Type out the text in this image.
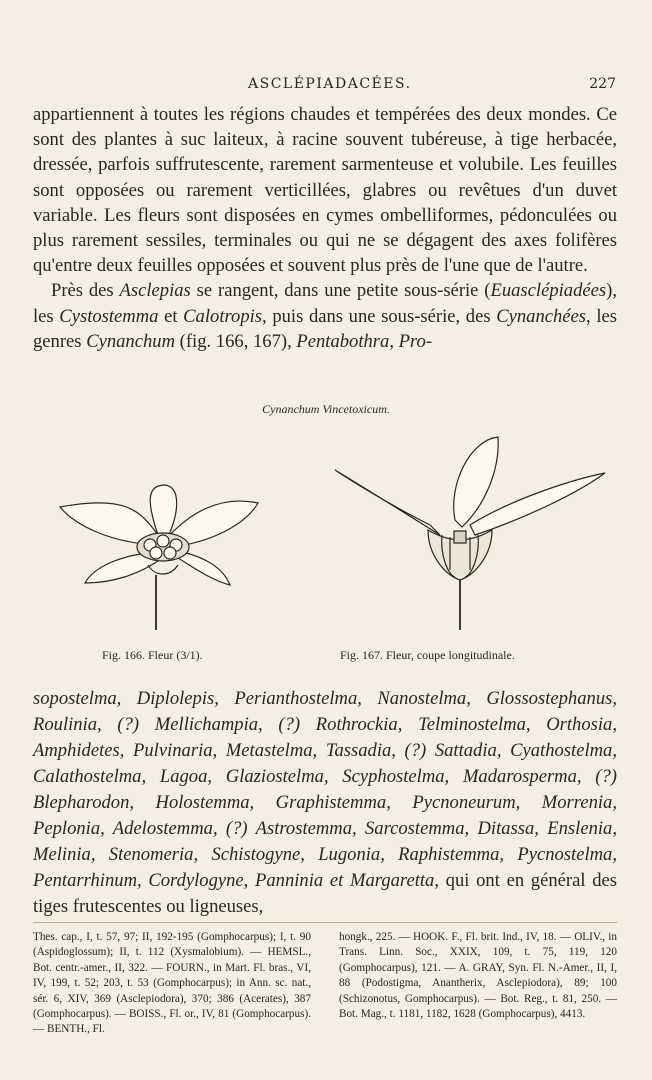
ASCLÉPIADACÉES.	227

appartiennent à toutes les régions chaudes et tempérées des deux mondes. Ce sont des plantes à suc laiteux, à racine souvent tubéreuse, à tige herbacée, dressée, parfois suffrutescente, rarement sarmenteuse et volubile. Les feuilles sont opposées ou rarement verticillées, glabres ou revêtues d'un duvet variable. Les fleurs sont disposées en cymes ombelliformes, pédonculées ou plus rarement sessiles, terminales ou qui ne se dégagent des axes folifères qu'entre deux feuilles opposées et souvent plus près de l'une que de l'autre.

Près des Asclepias se rangent, dans une petite sous-série (Euasclépiadées), les Cystostemma et Calotropis, puis dans une sous-série, des Cynanchées, les genres Cynanchum (fig. 166, 167), Pentabothra, Pro-

Cynanchum Vincetoxicum.
Fig. 166. Fleur (3/1).	Fig. 167. Fleur, coupe longitudinale.

sopostelma, Diplolepis, Perianthostelma, Nanostelma, Glossostephanus, Roulinia, (?) Mellichampia, (?) Rothrockia, Telminostelma, Orthosia, Amphidetes, Pulvinaria, Metastelma, Tassadia, (?) Sattadia, Cyathostelma, Calathostelma, Lagoa, Glaziostelma, Scyphostelma, Madarosperma, (?) Blepharodon, Holostemma, Graphistemma, Pycnoneurum, Morrenia, Peplonia, Adelostemma, (?) Astrostemma, Sarcostemma, Ditassa, Enslenia, Melinia, Stenomeria, Schistogyne, Lugonia, Raphistemma, Pycnostelma, Pentarrhinum, Cordylogyne, Panninia et Margaretta, qui ont en général des tiges frutescentes ou ligneuses,

Thes. cap., I, t. 57, 97; II, 192-195 (Gomphocarpus); I, t. 90 (Aspidoglossum); II, t. 112 (Xysmalobium). — HEMSL., Bot. centr.-amer., II, 322. — FOURN., in Mart. Fl. bras., VI, IV, 199, t. 52; 203, t. 53 (Gomphocarpus); in Ann. sc. nat., sér. 6, XIV, 369 (Asclepiodora), 370; 386 (Acerates), 387 (Gomphocarpus). — BOISS., Fl. or., IV, 81 (Gomphocarpus). — BENTH., Fl.

hongk., 225. — HOOK. F., Fl. brit. Ind., IV, 18. — OLIV., in Trans. Linn. Soc., XXIX, 109, t. 75, 119, 120 (Gomphocarpus), 121. — A. GRAY, Syn. Fl. N.-Amer., II, I, 88 (Podostigma, Anantherix, Asclepiodora), 89; 100 (Schizonotus, Gomphocarpus). — Bot. Reg., t. 81, 250. — Bot. Mag., t. 1181, 1182, 1628 (Gomphocarpus), 4413.
